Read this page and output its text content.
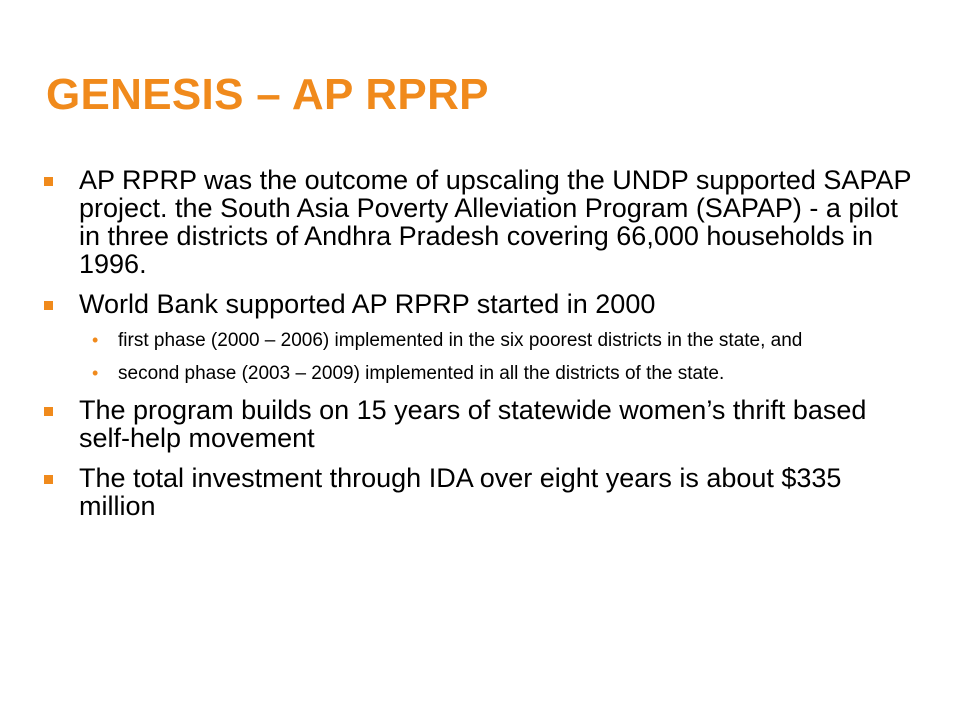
GENESIS – AP RPRP
AP RPRP was the outcome of upscaling the UNDP supported SAPAP project. the South Asia Poverty Alleviation Program (SAPAP) - a pilot in three districts of Andhra Pradesh covering 66,000 households in 1996.
World Bank supported AP RPRP started in 2000
• first phase (2000 – 2006) implemented in the six poorest districts in the state, and
• second phase (2003 – 2009) implemented in all the districts of the state.
The program builds on 15 years of statewide women’s thrift based self-help movement
The total investment through IDA over eight years is about $335 million
